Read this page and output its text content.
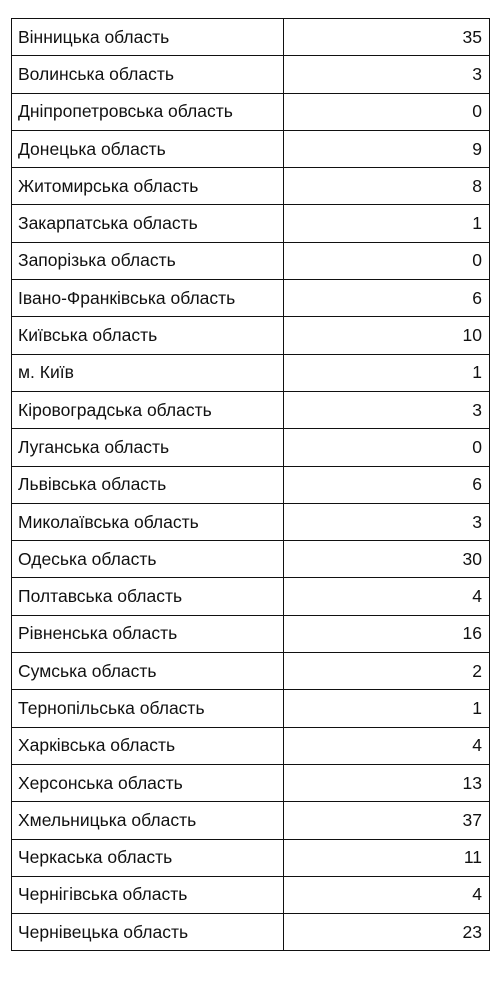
Вінницька область	35
Волинська область	3
Дніпропетровська область	0
Донецька область	9
Житомирська область	8
Закарпатська область	1
Запорізька область	0
Івано-Франківська область	6
Київська область	10
м. Київ	1
Кіровоградська область	3
Луганська область	0
Львівська область	6
Миколаївська область	3
Одеська область	30
Полтавська область	4
Рівненська область	16
Сумська область	2
Тернопільська область	1
Харківська область	4
Херсонська область	13
Хмельницька область	37
Черкаська область	11
Чернігівська область	4
Чернівецька область	23
